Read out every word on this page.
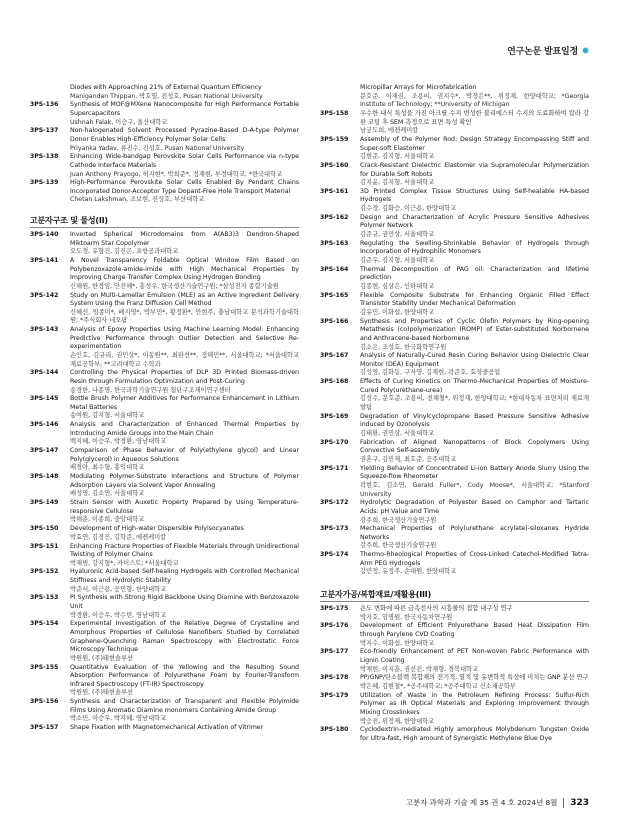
연구논문 발표일정
Diodes with Approaching 21% of External Quantum Efficiency
Manigandan Thippan, 박호열, 진성호, Pusan National University
3PS-136	Synthesis of MOF@MXene Nanocomposite for High Performance Portable Supercapacitors
Ushnah Falak, 이승구, 울산대학교
3PS-137	Non-halogenated Solvent Processed Pyrazine-Based D-A-type Polymer Donor Enables High-Efficiency Polymer Solar Cells
Priyanka Yadav, 류진수, 진성호, Pusan National University
3PS-138	Enhancing Wide-bandgap Perovskite Solar Cells Performance via n-type Cathode Interface Materials
Juan Anthony Prayogo, 허지현*, 박희준*, 정재현, 부경대학교; *한국대학교
3PS-139	High-Performance Perovskite Solar Cells Enabled By Pendant Chains Incorporated Donor-Acceptor Type Dopant-Free Hole Transport Material
Chetan Lakshman, 조보현, 진성호, 부산대학교
고분자구조 및 물성(II)
3PS-140	Inverted Spherical Microdomains from A(AB3)3 Dendron-Shaped Miktoarm Star Copolymer
오도경, 유형건, 김진곤, 포항공과대학교
3PS-141	A Novel Transparency Foldable Optical Window Film Based on Polybenzoxazole-amide-imide with High Mechanical Properties by Improving Charge Transfer Complex Using Hydrogen Bonding
신해원, 한경임, 안전혜*, 홍성우, 한국생산기술연구원; *삼성전자 종합기술원
3PS-142	Study on Multi-Lamellar Emulsion (MLE) as an Active Ingredient Delivery System Using the Franz Diffusion Cell Method
신혜선, 임종미*, 배지영*, 박부민*, 황정환*, 안현주, 충남대학교 분석과학기술대학원; *주식회사 네오팜
3PS-143	Analysis of Epoxy Properties Using Machine Learning Model: Enhancing Predictive Performance through Outlier Detection and Selective Re-experimentation
손인호, 김규리, 권민상*, 이동원**, 최완선**, 정해민**, 서울대학교; *서울대학교 재료공학부; **고려대학교 수학과
3PS-144	Controlling the Physical Properties of DLP 3D Printed Biomass-driven Resin through Formulation Optimization and Post-Curing
송경한, 나종명, 한국과학기술연구원 첨단구조재이연구센터
3PS-145	Bottle Brush Polymer Additives for Performance Enhancement in Lithium Metal Batteries
송여원, 김지형, 서울대학교
3PS-146	Analysis and Characterization of Enhanced Thermal Properties by Introducing Amide Groups into the Main Chain
백지혜, 이승우, 박경환, 영남대학교
3PS-147	Comparison of Phase Behavior of Poly(ethylene glycol) and Linear Poly(glycerol) in Aqueous Solutions
배경아, 최수형, 홍익대학교
3PS-148	Modulating Polymer-Substrate Interactions and Structure of Polymer Adsorption Layers via Solvent Vapor Annealing
배성영, 김소연, 서울대학교
3PS-149	Strain Sensor with Auxetic Property Prepared by Using Temperature-responsive Cellulose
박해춘, 이종희, 중앙대학교
3PS-150	Development of High-water Dispersible Polyisocyanates
박효연, 김경진, 김학준, 에켄케미칼
3PS-151	Enhancing Fracture Properties of Flexible Materials through Unidirectional Twisting of Polymer Chains
박재범, 강지형*, 카이스트; *서울대학교
3PS-152	Hyaluronic Acid-based Self-healing Hydrogels with Controlled Mechanical Stiffness and Hydrolytic Stability
박준서, 이근용, 공민형, 한양대학교
3PS-153	PI Synthesis with Strong Rigid Backbone Using Diamine with Benzoxazole Unit
박경환, 이승우, 박수빈, 영남대학교
3PS-154	Experimental Investigation of the Relative Degree of Crystalline and Amorphous Properties of Cellulose Nanofibers Studied by Correlated Graphene-Quenching Raman Spectroscopy with Electrostatic Force Microscopy Technique
박원원, (주)태현솔루션
3PS-155	Quantitative Evaluation of the Yellowing and the Resulting Sound Absorption Performance of Polyurethane Foam by Fourier-Transform Infrared Spectroscopy (FT-IR) Spectroscopy
박원원, (주)태현솔루션
3PS-156	Synthesis and Characterization of Transparent and Flexible Polyimide Films Using Aromatic Diamine monomers Containing Amide Group
박소민, 이승우, 박지혜, 영남대학교
3PS-157	Shape Fixation with Magnetomechanical Activation of Vitrimer
Micropillar Arrays for Microfabrication
문호준, 이재권, 조용비, 권지수*, 박정은**, 위정재, 한양대학교; *Georgia Institute of Technology; **University of Michigan
3PS-158	우수한 내식 특성을 가진 아크릴 수지 변성한 불리에스터 수지의 도료화하여 칼라 강판 코팅 후 SEM 측정으로 표면 특성 확인
남궁도희, 에켄케미칼
3PS-159	Assembly of the Polymer Rod: Design Strategy Encompassing Stiff and Super-soft Elastomer
김현준, 김지형, 서울대학교
3PS-160	Crack-Resistant Dielectric Elastomer via Supramolecular Polymerization for Durable Soft Robots
김지윤, 김지형, 서울대학교
3PS-161	3D Printed Complex Tissue Structures Using Self-healable HA-based Hydrogels
김수경, 김화승, 이근용, 한양대학교
3PS-162	Design and Characterization of Acrylic Pressure Sensitive Adhesives Polymer Network
김준규, 권민상, 서울대학교
3PS-163	Regulating the Swelling-Shrinkable Behavior of Hydrogels through Incorporation of Hydrophilic Monomers
김준우, 김지형, 서울대학교
3PS-164	Thermal Decomposition of PAG oil: Characterization and lifetime prediction
김종현, 심상은, 인하대학교
3PS-165	Flexible Composite Substrate for Enhancing Organic Filled Effect Transistor Stability Under Mechanical Deformation
김유민, 이화섭, 한양대학교
3PS-166	Synthesis and Properties of Cyclic Olefin Polymers by Ring-opening Metathesis (co)polymerization (ROMP) of Ester-substituted Norbornene and Anthracene-based Norbornene
김소은, 조성호, 한국화학연구원
3PS-167	Analysis of Naturally-Cured Resin Curing Behavior Using Dielectric Clear Monitor (DEA) Equipment
김성영, 김화동, 구자영, 김재현, 곽준호, 효성중공업
3PS-168	Effects of Curing Kinetics on Thermo-Mechanical Properties of Moisture-Cured Poly(urethane-urea)
김성수, 문호준, 조용비, 전채철*, 위정재, 한양대학교; *현대자동차 표면처리 재료개발팀
3PS-169	Degradation of Vinylcyclopropane Based Pressure Sensitive Adhesive induced by Ozonolysis
김태환, 권민상, 서울대학교
3PS-170	Fabrication of Aligned Nanopatterns of Block Copolymers Using Convective Self-assembly
권혼구, 김민재, 최호준, 공주대학교
3PS-171	Yielding Behavior of Concentrated Li-ion Battery Anode Slurry Using the Squeeze-flow Rheometer
곽현호, 김소연, Gerald Fuller*, Cody Moose*, 서울대학교; *Stanford University
3PS-172	Hydrolytic Degradation of Polyester Based on Camphor and Tartaric Acids: pH Value and Time
강주희, 한국생산기술연구원
3PS-173	Mechanical Properties of Poly(urethane acrylate)-siloxanes Hydride Networks
강주희, 한국생산기술연구원
3PS-174	Thermo-Rheological Properties of Cross-Linked Catechol-Modified Tetra-Arm PEG Hydrogels
강민정, 유정주, 손대원, 한양대학교
고분자가공/복합재료/재활용(III)
3PS-175	온도 변화에 따른 금속전사의 시흥물의 접합 내구성 연구
박지호, 임명원, 한국자동차연구원
3PS-176	Development of Efficient Polyurethane Based Heat Dissipation Film through Parylene CVD Coating
박지수, 이화섭, 한양대학교
3PS-177	Eco-friendly Enhancement of PET Non-woven Fabric Performance with Lignin Coating
박재현, 이지훈, 권선진, 박재형, 경북대학교
3PS-178	PP/GNP/탄소블랙 복합재의 전기적, 열적 및 유변학적 특성에 미치는 GNP 분산 연구
박은혜, 김현철*, *공주대학교; *공주대학교 신소재공학부
3PS-179	Utilization of Waste in the Petroleum Refining Process: Sulfur-Rich Polymer as IR Optical Materials and Exploring Improvement through Mixing Crosslinkers
박승진, 위정재, 한양대학교
3PS-180	Cyclodextrin-mediated Highly amorphous Molybdenum Tungsten Oxide for Ultra-fast, High amount of Synergistic Methylene Blue Dye
고분자 과학과 기술 제 35 권 4 호 2024년 8월 323
